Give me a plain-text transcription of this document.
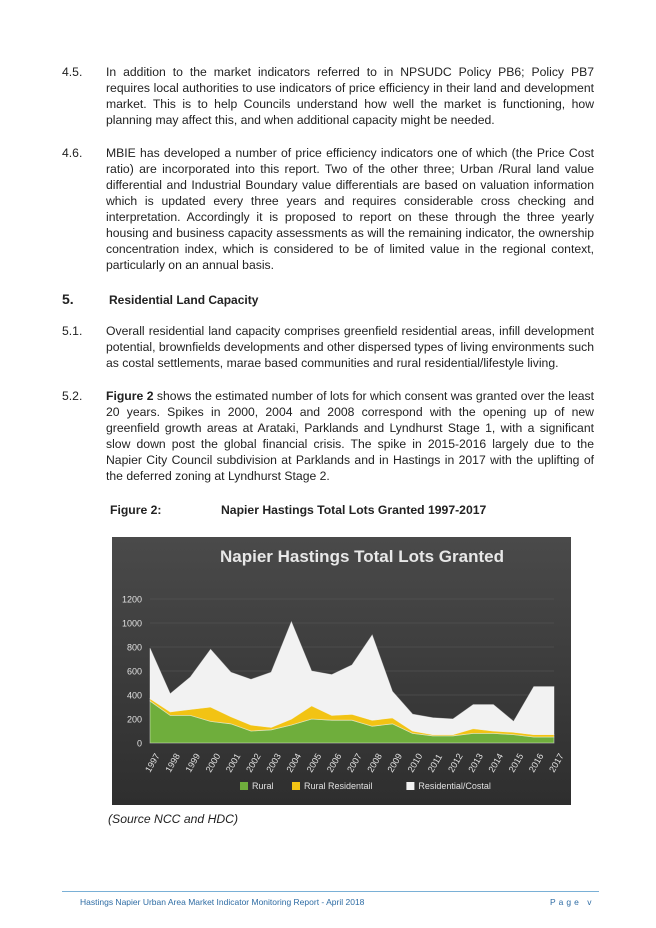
4.5.	In addition to the market indicators referred to in NPSUDC Policy PB6; Policy PB7 requires local authorities to use indicators of price efficiency in their land and development market. This is to help Councils understand how well the market is functioning, how planning may affect this, and when additional capacity might be needed.
4.6.	MBIE has developed a number of price efficiency indicators one of which (the Price Cost ratio) are incorporated into this report. Two of the other three; Urban /Rural land value differential and Industrial Boundary value differentials are based on valuation information which is updated every three years and requires considerable cross checking and interpretation. Accordingly it is proposed to report on these through the three yearly housing and business capacity assessments as will the remaining indicator, the ownership concentration index, which is considered to be of limited value in the regional context, particularly on an annual basis.
5.	Residential Land Capacity
5.1.	Overall residential land capacity comprises greenfield residential areas, infill development potential, brownfields developments and other dispersed types of living environments such as costal settlements, marae based communities and rural residential/lifestyle living.
5.2.	Figure 2 shows the estimated number of lots for which consent was granted over the least 20 years. Spikes in 2000, 2004 and 2008 correspond with the opening up of new greenfield growth areas at Arataki, Parklands and Lyndhurst Stage 1, with a significant slow down post the global financial crisis. The spike in 2015-2016 largely due to the Napier City Council subdivision at Parklands and in Hastings in 2017 with the uplifting of the deferred zoning at Lyndhurst Stage 2.
Figure 2:	Napier Hastings Total Lots Granted 1997-2017
Napier Hastings Total Lots Granted
0
200
400
600
800
1000
1200
1997 1998 1999 2000 2001 2002 2003 2004 2005 2006 2007 2008 2009 2010 2011 2012 2013 2014 2015 2016 2017
Rural	Rural Residentail	Residential/Costal
(Source NCC and HDC)
Hastings Napier Urban Area Market Indicator Monitoring Report - April 2018	Page v
